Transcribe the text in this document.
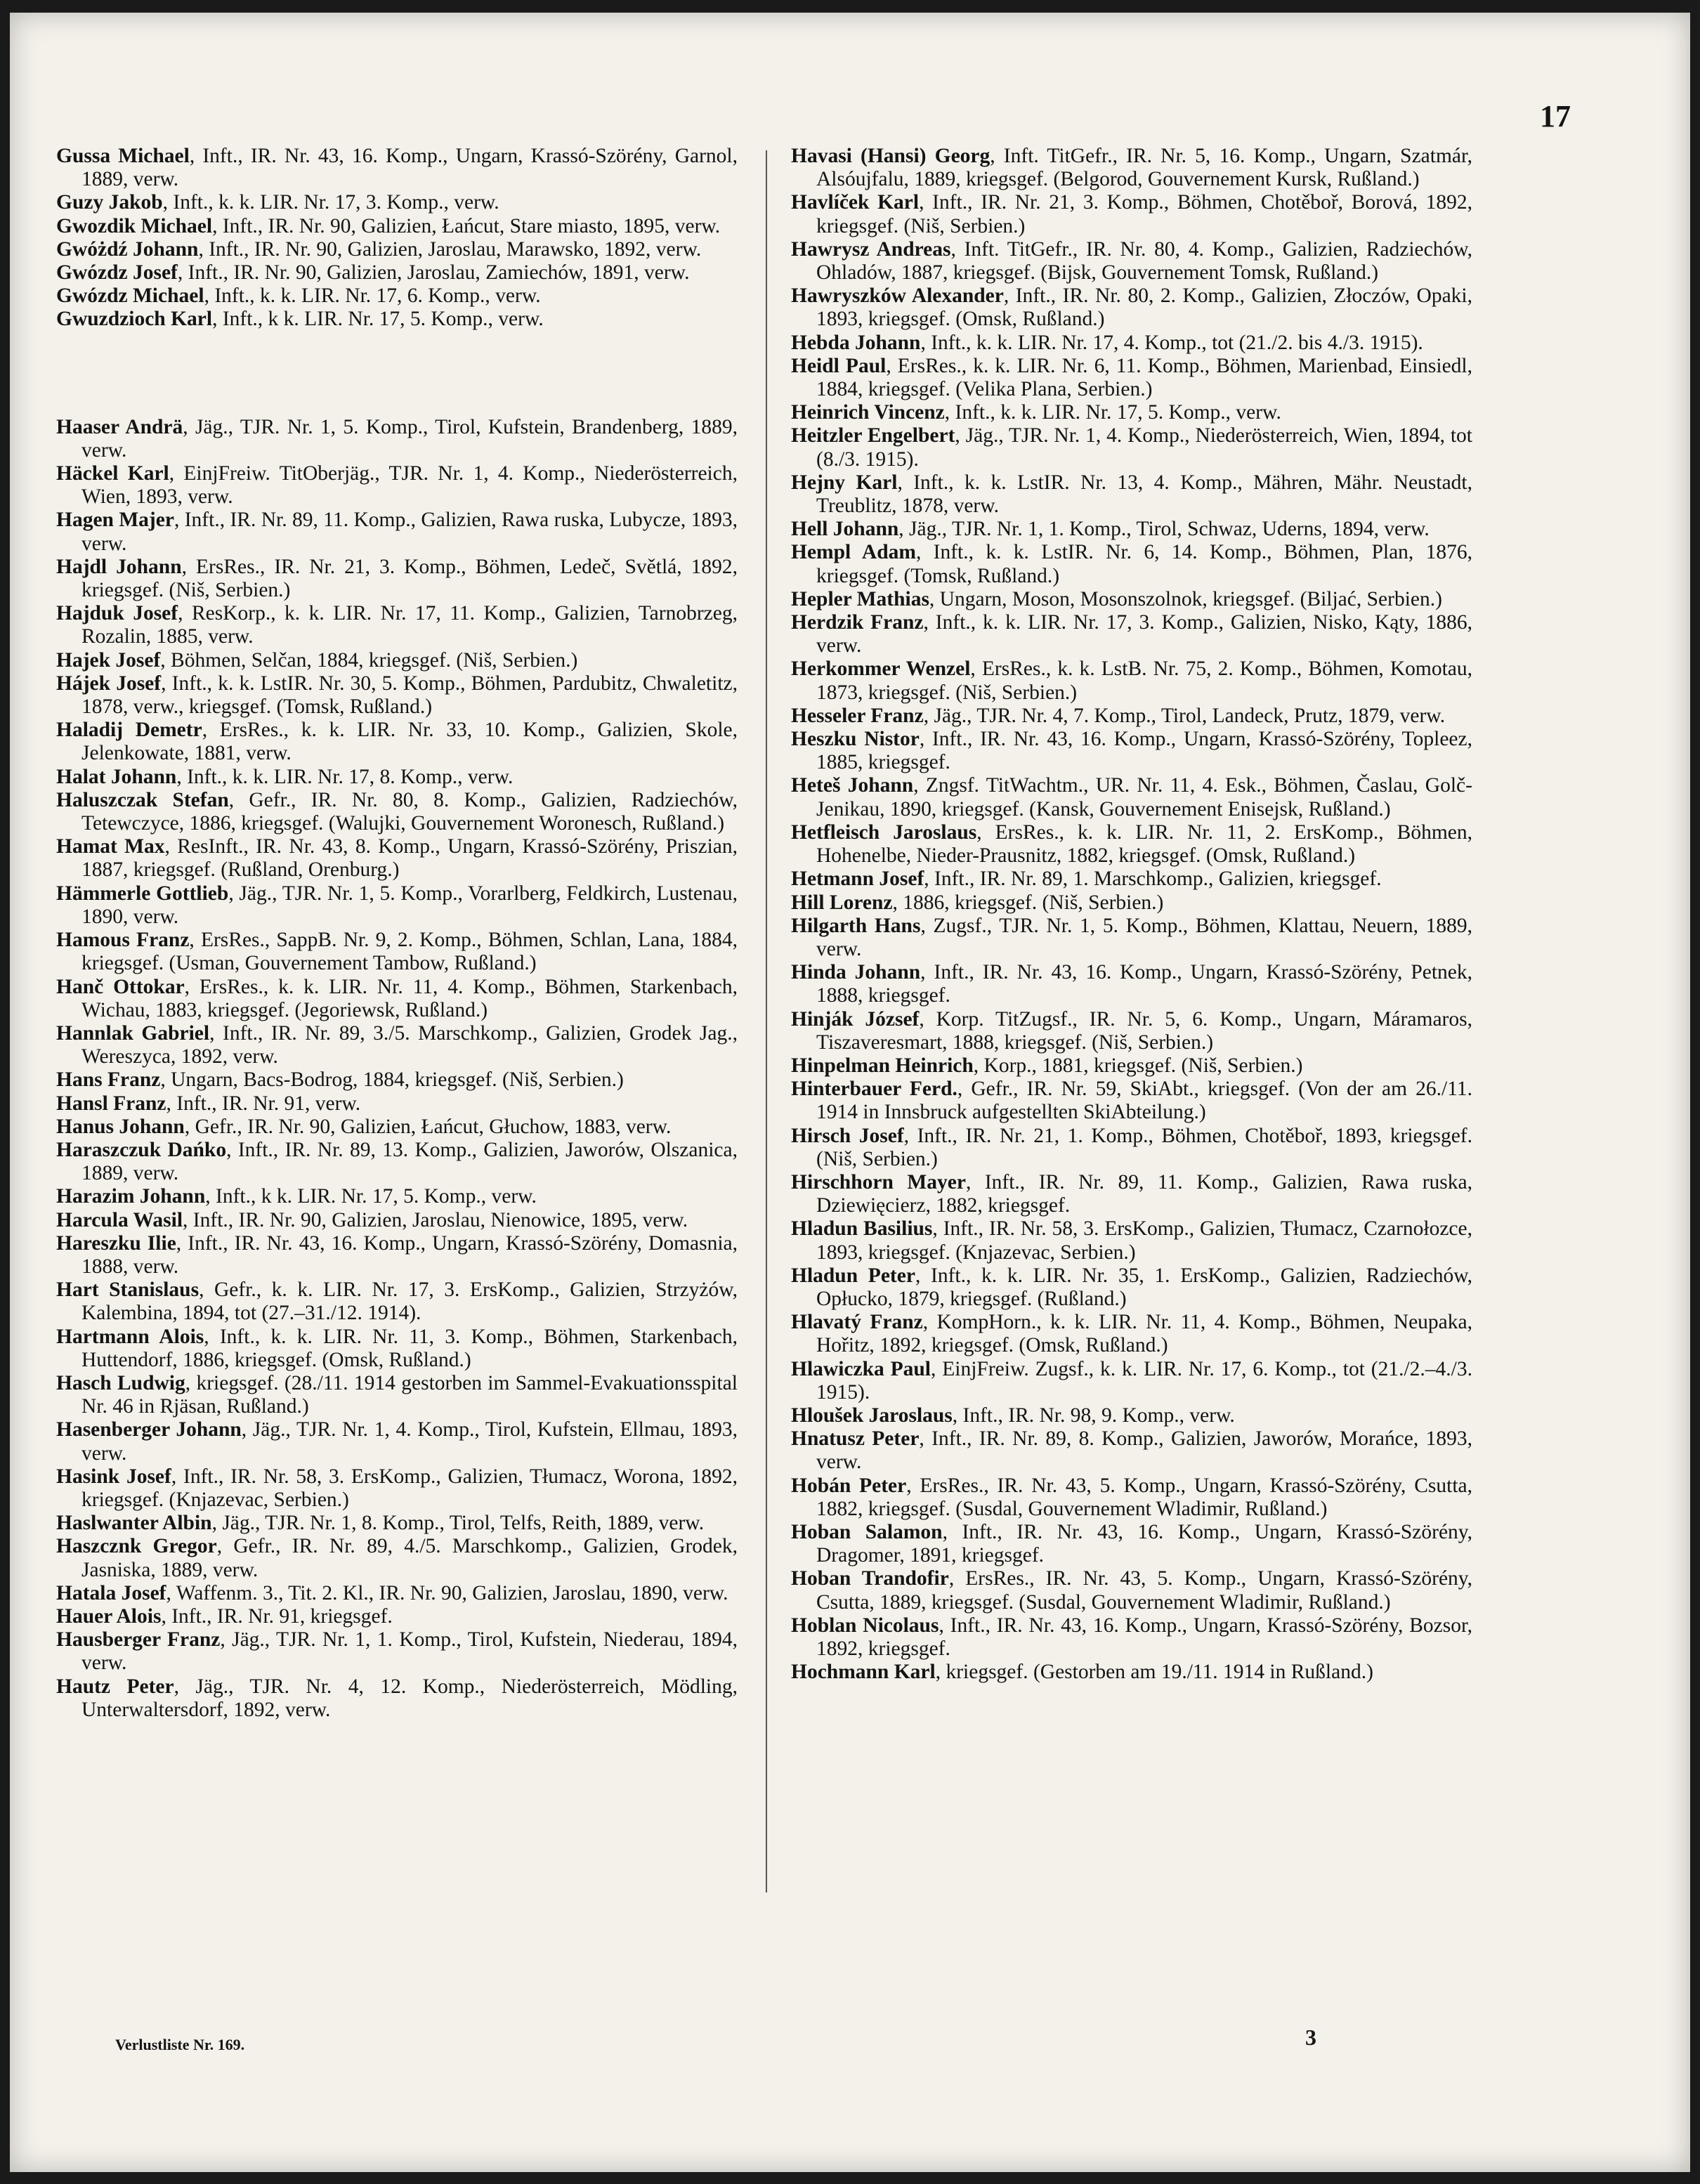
17

Gussa Michael, Inft., IR. Nr. 43, 16. Komp., Ungarn, Krassó-Szörény, Garnol, 1889, verw.

Guzy Jakob, Inft., k. k. LIR. Nr. 17, 3. Komp., verw.

Gwozdik Michael, Inft., IR. Nr. 90, Galizien, Łańcut, Stare miasto, 1895, verw.

Gwóżdź Johann, Inft., IR. Nr. 90, Galizien, Jaroslau, Marawsko, 1892, verw.

Gwózdz Josef, Inft., IR. Nr. 90, Galizien, Jaroslau, Zamiechów, 1891, verw.

Gwózdz Michael, Inft., k. k. LIR. Nr. 17, 6. Komp., verw.

Gwuzdzioch Karl, Inft., k k. LIR. Nr. 17, 5. Komp., verw.

Haaser Andrä, Jäg., TJR. Nr. 1, 5. Komp., Tirol, Kufstein, Brandenberg, 1889, verw.

Häckel Karl, EinjFreiw. TitOberjäg., TJR. Nr. 1, 4. Komp., Niederösterreich, Wien, 1893, verw.

Hagen Majer, Inft., IR. Nr. 89, 11. Komp., Galizien, Rawa ruska, Lubycze, 1893, verw.

Hajdl Johann, ErsRes., IR. Nr. 21, 3. Komp., Böhmen, Ledeč, Světlá, 1892, kriegsgef. (Niš, Serbien.)

Hajduk Josef, ResKorp., k. k. LIR. Nr. 17, 11. Komp., Galizien, Tarnobrzeg, Rozalin, 1885, verw.

Hajek Josef, Böhmen, Selčan, 1884, kriegsgef. (Niš, Serbien.)

Hájek Josef, Inft., k. k. LstIR. Nr. 30, 5. Komp., Böhmen, Pardubitz, Chwaletitz, 1878, verw., kriegsgef. (Tomsk, Rußland.)

Haladij Demetr, ErsRes., k. k. LIR. Nr. 33, 10. Komp., Galizien, Skole, Jelenkowate, 1881, verw.

Halat Johann, Inft., k. k. LIR. Nr. 17, 8. Komp., verw.

Haluszczak Stefan, Gefr., IR. Nr. 80, 8. Komp., Galizien, Radziechów, Tetewczyce, 1886, kriegsgef. (Walujki, Gouvernement Woronesch, Rußland.)

Hamat Max, ResInft., IR. Nr. 43, 8. Komp., Ungarn, Krassó-Szörény, Priszian, 1887, kriegsgef. (Rußland, Orenburg.)

Hämmerle Gottlieb, Jäg., TJR. Nr. 1, 5. Komp., Vorarlberg, Feldkirch, Lustenau, 1890, verw.

Hamous Franz, ErsRes., SappB. Nr. 9, 2. Komp., Böhmen, Schlan, Lana, 1884, kriegsgef. (Usman, Gouvernement Tambow, Rußland.)

Hanč Ottokar, ErsRes., k. k. LIR. Nr. 11, 4. Komp., Böhmen, Starkenbach, Wichau, 1883, kriegsgef. (Jegoriewsk, Rußland.)

Hannlak Gabriel, Inft., IR. Nr. 89, 3./5. Marschkomp., Galizien, Grodek Jag., Wereszyca, 1892, verw.

Hans Franz, Ungarn, Bacs-Bodrog, 1884, kriegsgef. (Niš, Serbien.)

Hansl Franz, Inft., IR. Nr. 91, verw.

Hanus Johann, Gefr., IR. Nr. 90, Galizien, Łańcut, Głuchow, 1883, verw.

Haraszczuk Dańko, Inft., IR. Nr. 89, 13. Komp., Galizien, Jaworów, Olszanica, 1889, verw.

Harazim Johann, Inft., k k. LIR. Nr. 17, 5. Komp., verw.

Harcula Wasil, Inft., IR. Nr. 90, Galizien, Jaroslau, Nienowice, 1895, verw.

Hareszku Ilie, Inft., IR. Nr. 43, 16. Komp., Ungarn, Krassó-Szörény, Domasnia, 1888, verw.

Hart Stanislaus, Gefr., k. k. LIR. Nr. 17, 3. ErsKomp., Galizien, Strzyżów, Kalembina, 1894, tot (27.–31./12. 1914).

Hartmann Alois, Inft., k. k. LIR. Nr. 11, 3. Komp., Böhmen, Starkenbach, Huttendorf, 1886, kriegsgef. (Omsk, Rußland.)

Hasch Ludwig, kriegsgef. (28./11. 1914 gestorben im Sammel-Evakuationsspital Nr. 46 in Rjäsan, Rußland.)

Hasenberger Johann, Jäg., TJR. Nr. 1, 4. Komp., Tirol, Kufstein, Ellmau, 1893, verw.

Hasink Josef, Inft., IR. Nr. 58, 3. ErsKomp., Galizien, Tłumacz, Worona, 1892, kriegsgef. (Knjazevac, Serbien.)

Haslwanter Albin, Jäg., TJR. Nr. 1, 8. Komp., Tirol, Telfs, Reith, 1889, verw.

Haszcznk Gregor, Gefr., IR. Nr. 89, 4./5. Marschkomp., Galizien, Grodek, Jasniska, 1889, verw.

Hatala Josef, Waffenm. 3., Tit. 2. Kl., IR. Nr. 90, Galizien, Jaroslau, 1890, verw.

Hauer Alois, Inft., IR. Nr. 91, kriegsgef.

Hausberger Franz, Jäg., TJR. Nr. 1, 1. Komp., Tirol, Kufstein, Niederau, 1894, verw.

Hautz Peter, Jäg., TJR. Nr. 4, 12. Komp., Niederösterreich, Mödling, Unterwaltersdorf, 1892, verw.

Havasi (Hansi) Georg, Inft. TitGefr., IR. Nr. 5, 16. Komp., Ungarn, Szatmár, Alsóujfalu, 1889, kriegsgef. (Belgorod, Gouvernement Kursk, Rußland.)

Havlíček Karl, Inft., IR. Nr. 21, 3. Komp., Böhmen, Chotěboř, Borová, 1892, kriegsgef. (Niš, Serbien.)

Hawrysz Andreas, Inft. TitGefr., IR. Nr. 80, 4. Komp., Galizien, Radziechów, Ohladów, 1887, kriegsgef. (Bijsk, Gouvernement Tomsk, Rußland.)

Hawryszków Alexander, Inft., IR. Nr. 80, 2. Komp., Galizien, Złoczów, Opaki, 1893, kriegsgef. (Omsk, Rußland.)

Hebda Johann, Inft., k. k. LIR. Nr. 17, 4. Komp., tot (21./2. bis 4./3. 1915).

Heidl Paul, ErsRes., k. k. LIR. Nr. 6, 11. Komp., Böhmen, Marienbad, Einsiedl, 1884, kriegsgef. (Velika Plana, Serbien.)

Heinrich Vincenz, Inft., k. k. LIR. Nr. 17, 5. Komp., verw.

Heitzler Engelbert, Jäg., TJR. Nr. 1, 4. Komp., Niederösterreich, Wien, 1894, tot (8./3. 1915).

Hejny Karl, Inft., k. k. LstIR. Nr. 13, 4. Komp., Mähren, Mähr. Neustadt, Treublitz, 1878, verw.

Hell Johann, Jäg., TJR. Nr. 1, 1. Komp., Tirol, Schwaz, Uderns, 1894, verw.

Hempl Adam, Inft., k. k. LstIR. Nr. 6, 14. Komp., Böhmen, Plan, 1876, kriegsgef. (Tomsk, Rußland.)

Hepler Mathias, Ungarn, Moson, Mosonszolnok, kriegsgef. (Biljać, Serbien.)

Herdzik Franz, Inft., k. k. LIR. Nr. 17, 3. Komp., Galizien, Nisko, Kąty, 1886, verw.

Herkommer Wenzel, ErsRes., k. k. LstB. Nr. 75, 2. Komp., Böhmen, Komotau, 1873, kriegsgef. (Niš, Serbien.)

Hesseler Franz, Jäg., TJR. Nr. 4, 7. Komp., Tirol, Landeck, Prutz, 1879, verw.

Heszku Nistor, Inft., IR. Nr. 43, 16. Komp., Ungarn, Krassó-Szörény, Topleez, 1885, kriegsgef.

Heteš Johann, Zngsf. TitWachtm., UR. Nr. 11, 4. Esk., Böhmen, Časlau, Golč-Jenikau, 1890, kriegsgef. (Kansk, Gouvernement Enisejsk, Rußland.)

Hetfleisch Jaroslaus, ErsRes., k. k. LIR. Nr. 11, 2. ErsKomp., Böhmen, Hohenelbe, Nieder-Prausnitz, 1882, kriegsgef. (Omsk, Rußland.)

Hetmann Josef, Inft., IR. Nr. 89, 1. Marschkomp., Galizien, kriegsgef.

Hill Lorenz, 1886, kriegsgef. (Niš, Serbien.)

Hilgarth Hans, Zugsf., TJR. Nr. 1, 5. Komp., Böhmen, Klattau, Neuern, 1889, verw.

Hinda Johann, Inft., IR. Nr. 43, 16. Komp., Ungarn, Krassó-Szörény, Petnek, 1888, kriegsgef.

Hinják József, Korp. TitZugsf., IR. Nr. 5, 6. Komp., Ungarn, Máramaros, Tiszaveresmart, 1888, kriegsgef. (Niš, Serbien.)

Hinpelman Heinrich, Korp., 1881, kriegsgef. (Niš, Serbien.)

Hinterbauer Ferd., Gefr., IR. Nr. 59, SkiAbt., kriegsgef. (Von der am 26./11. 1914 in Innsbruck aufgestellten SkiAbteilung.)

Hirsch Josef, Inft., IR. Nr. 21, 1. Komp., Böhmen, Chotěboř, 1893, kriegsgef. (Niš, Serbien.)

Hirschhorn Mayer, Inft., IR. Nr. 89, 11. Komp., Galizien, Rawa ruska, Dziewięcierz, 1882, kriegsgef.

Hladun Basilius, Inft., IR. Nr. 58, 3. ErsKomp., Galizien, Tłumacz, Czarnołozce, 1893, kriegsgef. (Knjazevac, Serbien.)

Hladun Peter, Inft., k. k. LIR. Nr. 35, 1. ErsKomp., Galizien, Radziechów, Opłucko, 1879, kriegsgef. (Rußland.)

Hlavatý Franz, KompHorn., k. k. LIR. Nr. 11, 4. Komp., Böhmen, Neupaka, Hořitz, 1892, kriegsgef. (Omsk, Rußland.)

Hlawiczka Paul, EinjFreiw. Zugsf., k. k. LIR. Nr. 17, 6. Komp., tot (21./2.–4./3. 1915).

Hloušek Jaroslaus, Inft., IR. Nr. 98, 9. Komp., verw.

Hnatusz Peter, Inft., IR. Nr. 89, 8. Komp., Galizien, Jaworów, Morańce, 1893, verw.

Hobán Peter, ErsRes., IR. Nr. 43, 5. Komp., Ungarn, Krassó-Szörény, Csutta, 1882, kriegsgef. (Susdal, Gouvernement Wladimir, Rußland.)

Hoban Salamon, Inft., IR. Nr. 43, 16. Komp., Ungarn, Krassó-Szörény, Dragomer, 1891, kriegsgef.

Hoban Trandofir, ErsRes., IR. Nr. 43, 5. Komp., Ungarn, Krassó-Szörény, Csutta, 1889, kriegsgef. (Susdal, Gouvernement Wladimir, Rußland.)

Hoblan Nicolaus, Inft., IR. Nr. 43, 16. Komp., Ungarn, Krassó-Szörény, Bozsor, 1892, kriegsgef.

Hochmann Karl, kriegsgef. (Gestorben am 19./11. 1914 in Rußland.)

Verlustliste Nr. 169.	3
